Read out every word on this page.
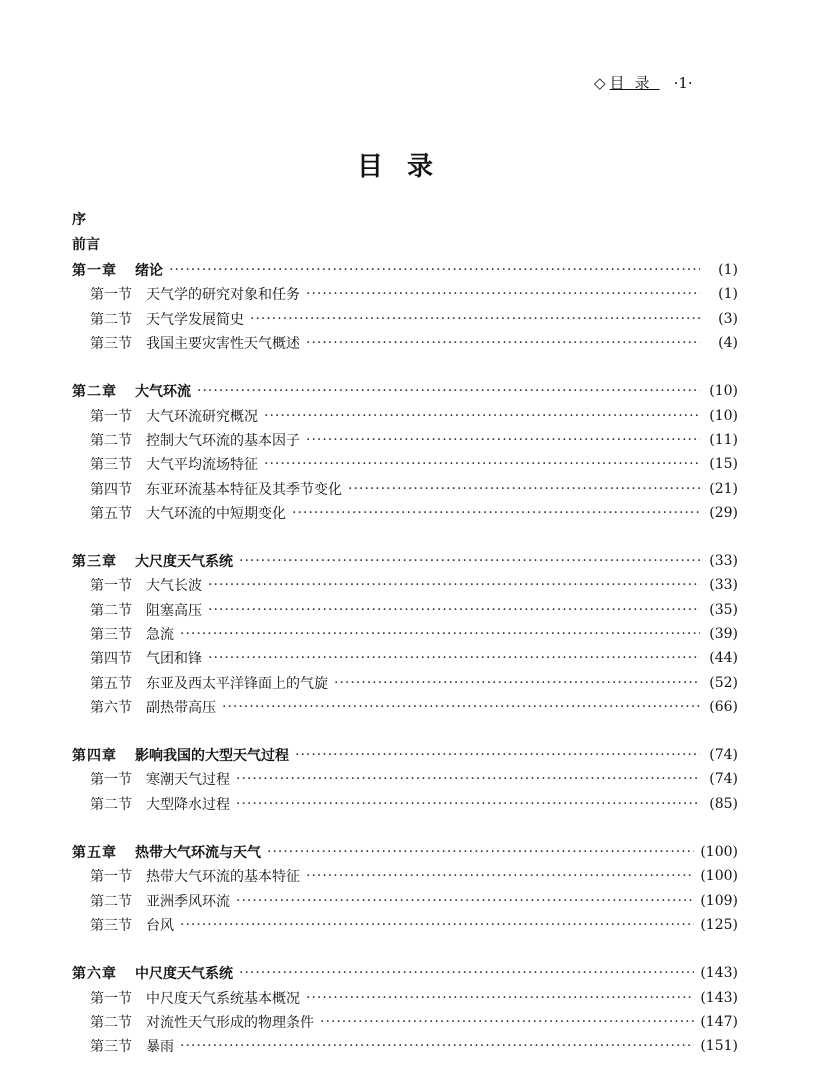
◇ 目录 ·1·
目录
序
前言
第一章 绪论 ·····	(1)
第一节 天气学的研究对象和任务 ·····	(1)
第二节 天气学发展简史 ·····	(3)
第三节 我国主要灾害性天气概述 ·····	(4)
第二章 大气环流 ·····	(10)
第一节 大气环流研究概况 ·····	(10)
第二节 控制大气环流的基本因子 ·····	(11)
第三节 大气平均流场特征 ·····	(15)
第四节 东亚环流基本特征及其季节变化 ·····	(21)
第五节 大气环流的中短期变化 ·····	(29)
第三章 大尺度天气系统 ·····	(33)
第一节 大气长波 ·····	(33)
第二节 阻塞高压 ·····	(35)
第三节 急流 ·····	(39)
第四节 气团和锋 ·····	(44)
第五节 东亚及西太平洋锋面上的气旋 ·····	(52)
第六节 副热带高压 ·····	(66)
第四章 影响我国的大型天气过程 ·····	(74)
第一节 寒潮天气过程 ·····	(74)
第二节 大型降水过程 ·····	(85)
第五章 热带大气环流与天气 ·····	(100)
第一节 热带大气环流的基本特征 ·····	(100)
第二节 亚洲季风环流 ·····	(109)
第三节 台风 ·····	(125)
第六章 中尺度天气系统 ·····	(143)
第一节 中尺度天气系统基本概况 ·····	(143)
第二节 对流性天气形成的物理条件 ·····	(147)
第三节 暴雨 ·····	(151)
